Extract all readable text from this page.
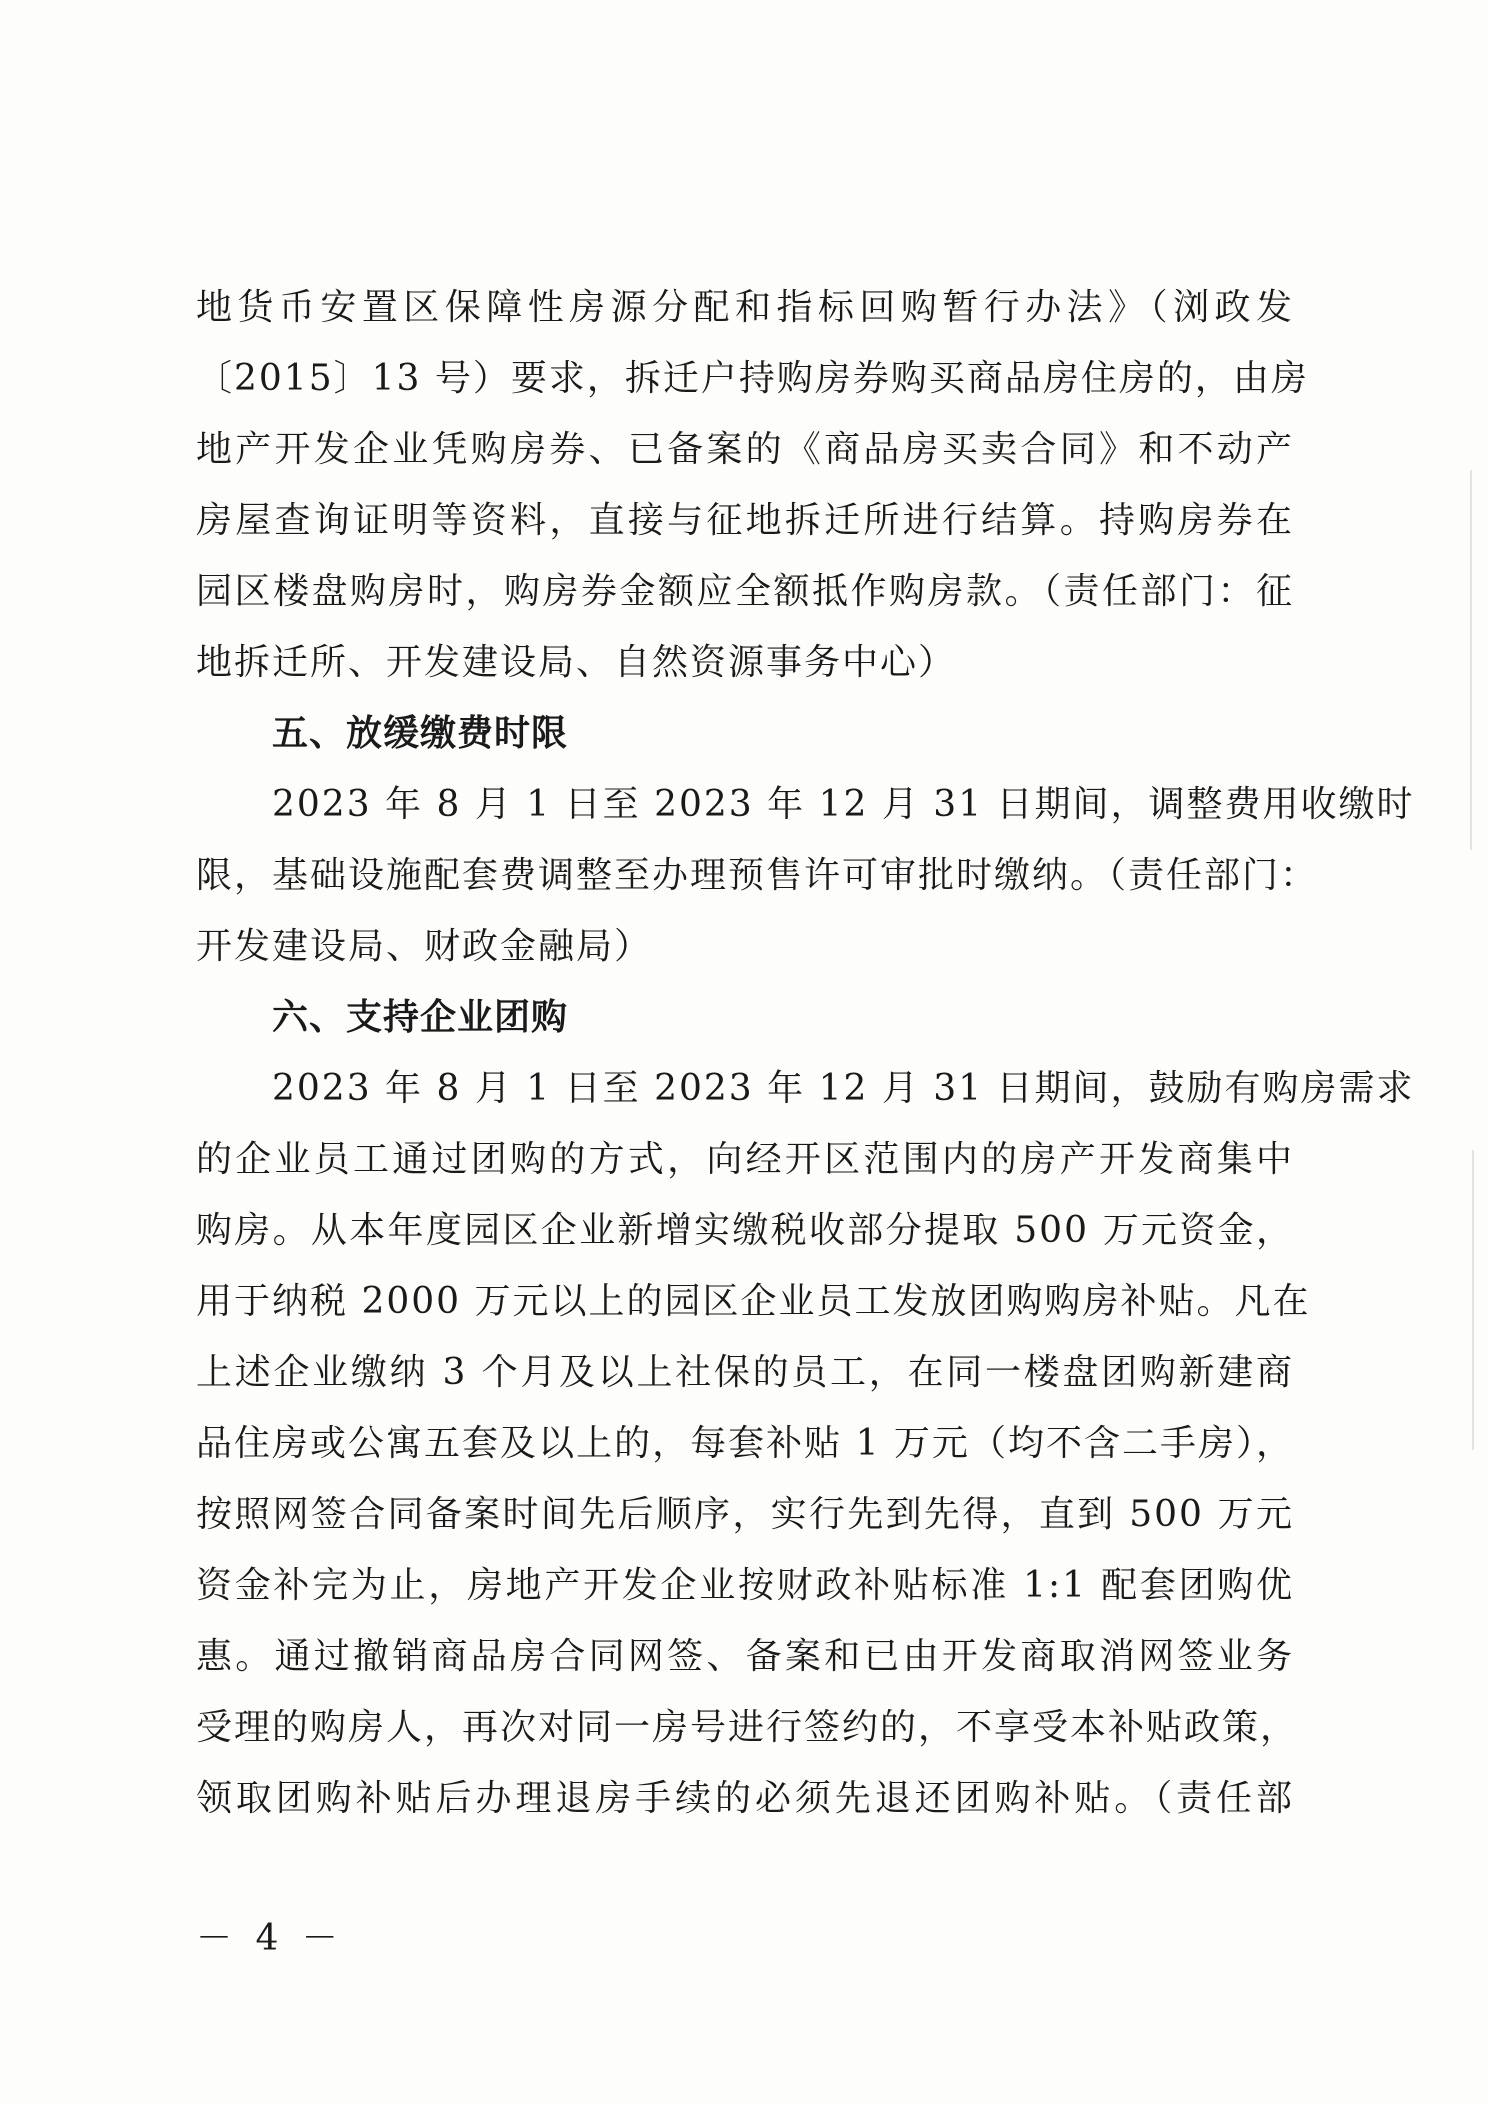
地货币安置区保障性房源分配和指标回购暂行办法》（浏政发
〔2015〕13 号）要求，拆迁户持购房券购买商品房住房的，由房
地产开发企业凭购房券、已备案的《商品房买卖合同》和不动产
房屋查询证明等资料，直接与征地拆迁所进行结算。持购房券在
园区楼盘购房时，购房券金额应全额抵作购房款。（责任部门：征
地拆迁所、开发建设局、自然资源事务中心）
五、放缓缴费时限
2023 年 8 月 1 日至 2023 年 12 月 31 日期间，调整费用收缴时
限，基础设施配套费调整至办理预售许可审批时缴纳。（责任部门：
开发建设局、财政金融局）
六、支持企业团购
2023 年 8 月 1 日至 2023 年 12 月 31 日期间，鼓励有购房需求
的企业员工通过团购的方式，向经开区范围内的房产开发商集中
购房。从本年度园区企业新增实缴税收部分提取 500 万元资金，
用于纳税 2000 万元以上的园区企业员工发放团购购房补贴。凡在
上述企业缴纳 3 个月及以上社保的员工，在同一楼盘团购新建商
品住房或公寓五套及以上的，每套补贴 1 万元（均不含二手房），
按照网签合同备案时间先后顺序，实行先到先得，直到 500 万元
资金补完为止，房地产开发企业按财政补贴标准 1:1 配套团购优
惠。通过撤销商品房合同网签、备案和已由开发商取消网签业务
受理的购房人，再次对同一房号进行签约的，不享受本补贴政策，
领取团购补贴后办理退房手续的必须先退还团购补贴。（责任部
－ 4 －
